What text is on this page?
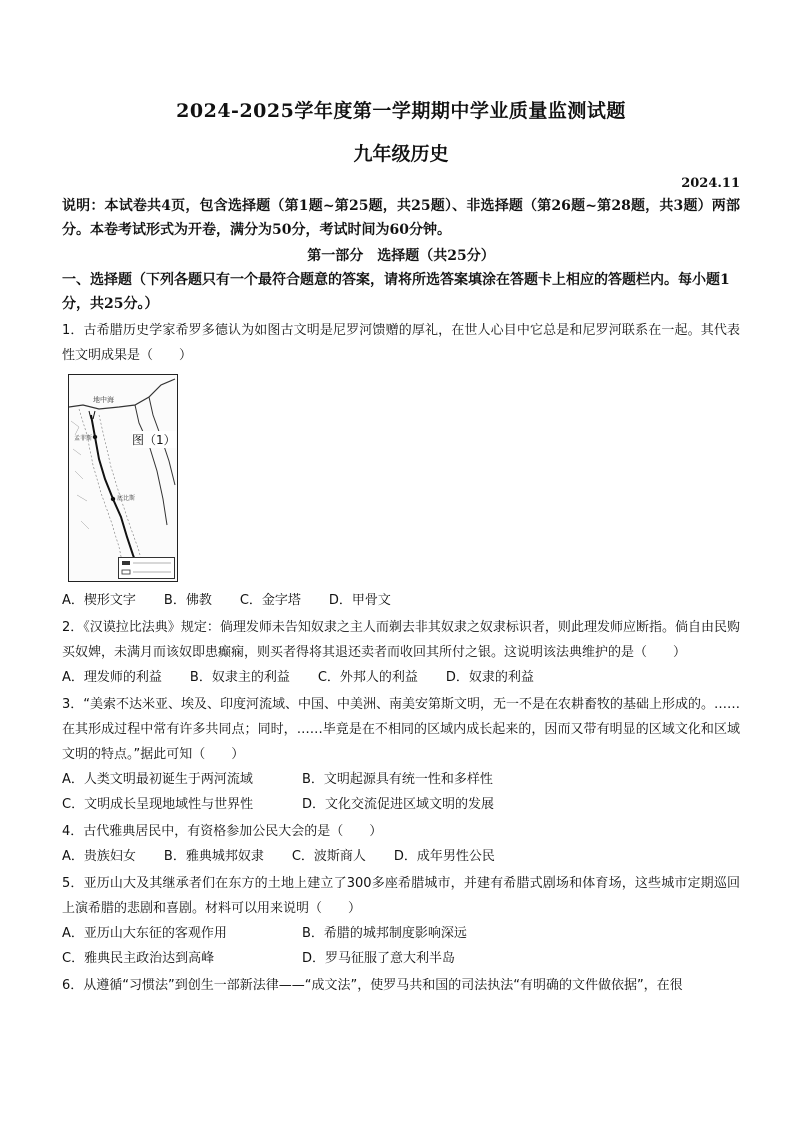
2024-2025学年度第一学期期中学业质量监测试题
九年级历史
2024.11
说明：本试卷共4页，包含选择题（第1题~第25题，共25题）、非选择题（第26题~第28题，共3题）两部分。本卷考试形式为开卷，满分为50分，考试时间为60分钟。
第一部分　选择题（共25分）
一、选择题（下列各题只有一个最符合题意的答案，请将所选答案填涂在答题卡上相应的答题栏内。每小题1分，共25分。）
1．古希腊历史学家希罗多德认为如图古文明是尼罗河馈赠的厚礼，在世人心目中它总是和尼罗河联系在一起。其代表性文明成果是（　　）
地中海
孟菲斯
底比斯
图（1）
A．楔形文字 B．佛教 C．金字塔 D．甲骨文
2．《汉谟拉比法典》规定：倘理发师未告知奴隶之主人而剃去非其奴隶之奴隶标识者，则此理发师应断指。倘自由民购买奴婢，未满月而该奴即患癫痫，则买者得将其退还卖者而收回其所付之银。这说明该法典维护的是（　　）
A．理发师的利益 B．奴隶主的利益 C．外邦人的利益 D．奴隶的利益
3．“美索不达米亚、埃及、印度河流域、中国、中美洲、南美安第斯文明，无一不是在农耕畜牧的基础上形成的。……在其形成过程中常有许多共同点；同时，……毕竟是在不相同的区域内成长起来的，因而又带有明显的区域文化和区域文明的特点。”据此可知（　　）
A．人类文明最初诞生于两河流域	B．文明起源具有统一性和多样性
C．文明成长呈现地域性与世界性	D．文化交流促进区域文明的发展
4．古代雅典居民中，有资格参加公民大会的是（　　）
A．贵族妇女 B．雅典城邦奴隶 C．波斯商人 D．成年男性公民
5．亚历山大及其继承者们在东方的土地上建立了300多座希腊城市，并建有希腊式剧场和体育场，这些城市定期巡回上演希腊的悲剧和喜剧。材料可以用来说明（　　）
A．亚历山大东征的客观作用	B．希腊的城邦制度影响深远
C．雅典民主政治达到高峰	D．罗马征服了意大利半岛
6．从遵循“习惯法”到创生一部新法律——“成文法”，使罗马共和国的司法执法“有明确的文件做依据”，在很
